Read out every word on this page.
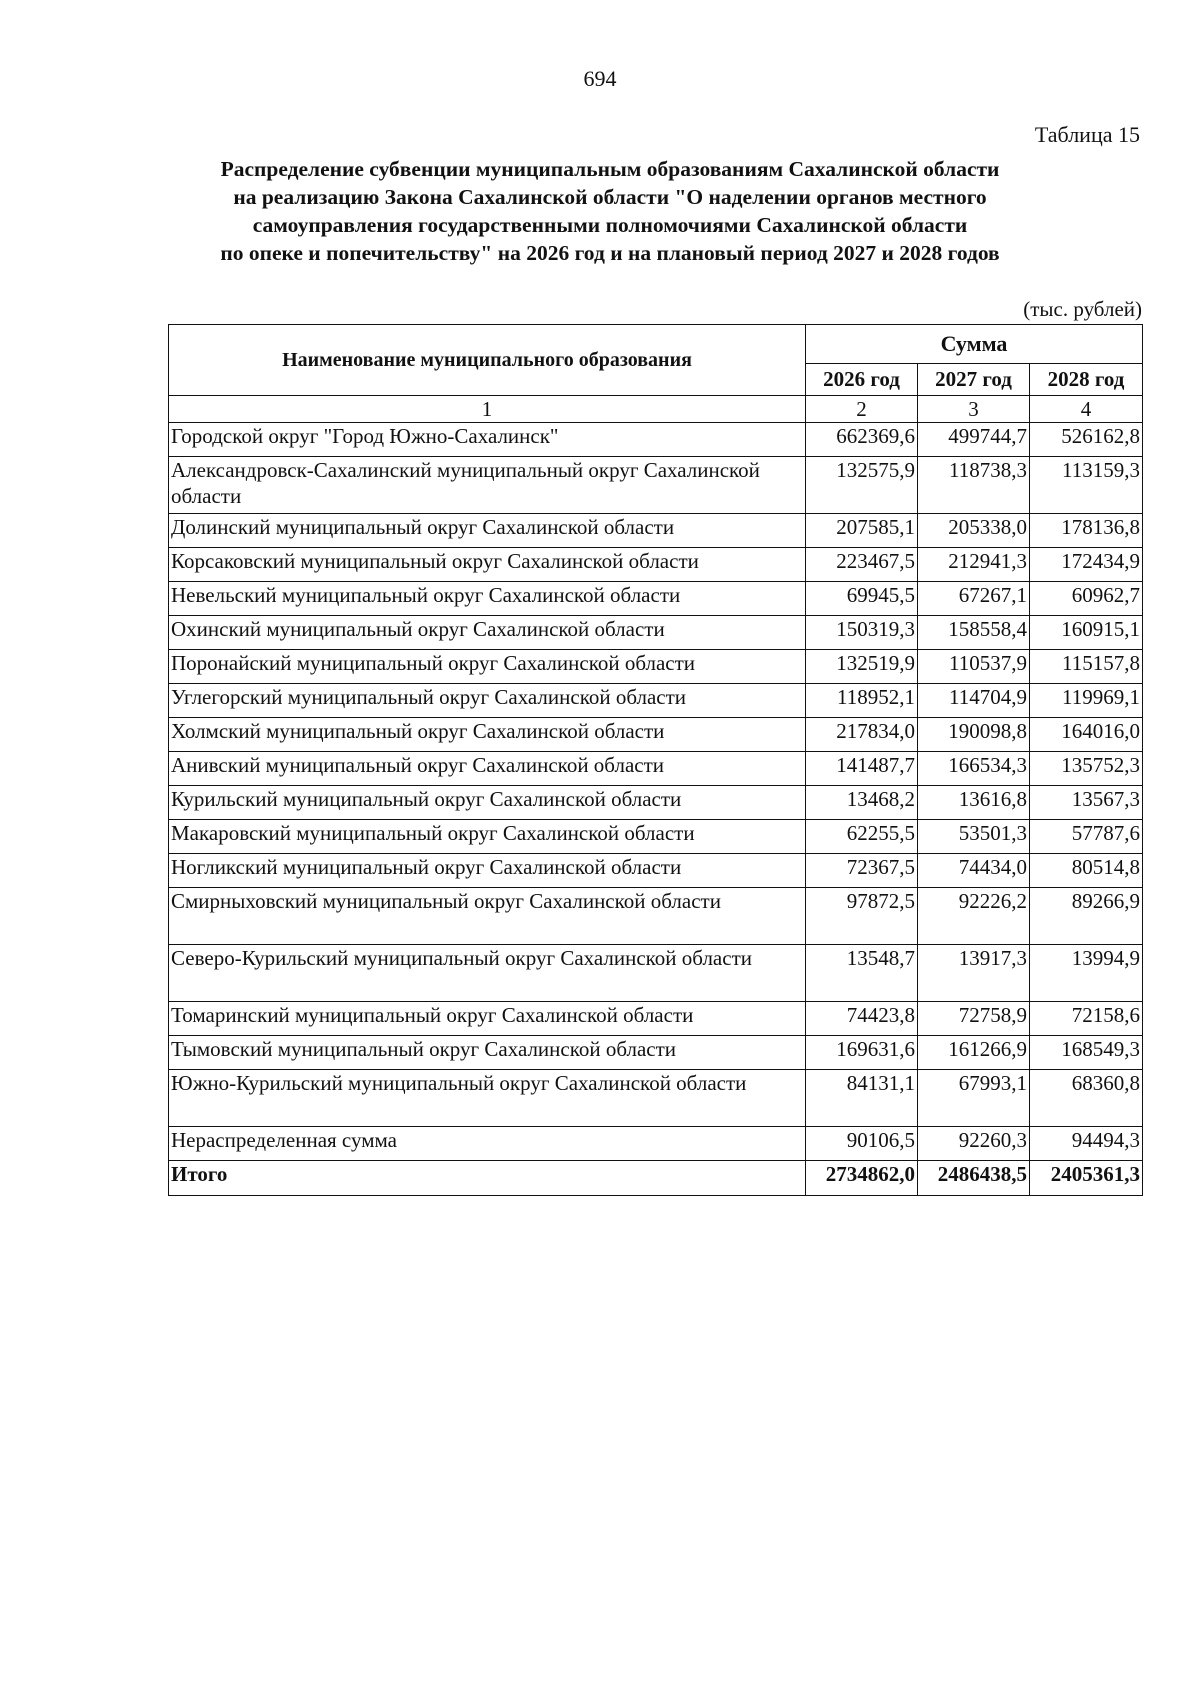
694
Таблица 15
Распределение субвенции муниципальным образованиям Сахалинской области
на реализацию Закона Сахалинской области "О наделении органов местного
самоуправления государственными полномочиями Сахалинской области
по опеке и попечительству" на 2026 год и на плановый период 2027 и 2028 годов
(тыс. рублей)
Наименование муниципального образования	Сумма		
	2026 год	2027 год	2028 год
1	2	3	4
Городской округ "Город Южно-Сахалинск"	662369,6	499744,7	526162,8
Александровск-Сахалинский муниципальный округ Сахалинской области	132575,9	118738,3	113159,3
Долинский муниципальный округ Сахалинской области	207585,1	205338,0	178136,8
Корсаковский муниципальный округ Сахалинской области	223467,5	212941,3	172434,9
Невельский муниципальный округ Сахалинской области	69945,5	67267,1	60962,7
Охинский муниципальный округ Сахалинской области	150319,3	158558,4	160915,1
Поронайский муниципальный округ Сахалинской области	132519,9	110537,9	115157,8
Углегорский муниципальный округ Сахалинской области	118952,1	114704,9	119969,1
Холмский муниципальный округ Сахалинской области	217834,0	190098,8	164016,0
Анивский муниципальный округ Сахалинской области	141487,7	166534,3	135752,3
Курильский муниципальный округ Сахалинской области	13468,2	13616,8	13567,3
Макаровский муниципальный округ Сахалинской области	62255,5	53501,3	57787,6
Ногликский муниципальный округ Сахалинской области	72367,5	74434,0	80514,8
Смирныховский муниципальный округ Сахалинской области	97872,5	92226,2	89266,9
Северо-Курильский муниципальный округ Сахалинской области	13548,7	13917,3	13994,9
Томаринский муниципальный округ Сахалинской области	74423,8	72758,9	72158,6
Тымовский муниципальный округ Сахалинской области	169631,6	161266,9	168549,3
Южно-Курильский муниципальный округ Сахалинской области	84131,1	67993,1	68360,8
Нераспределенная сумма	90106,5	92260,3	94494,3
Итого	2734862,0	2486438,5	2405361,3
